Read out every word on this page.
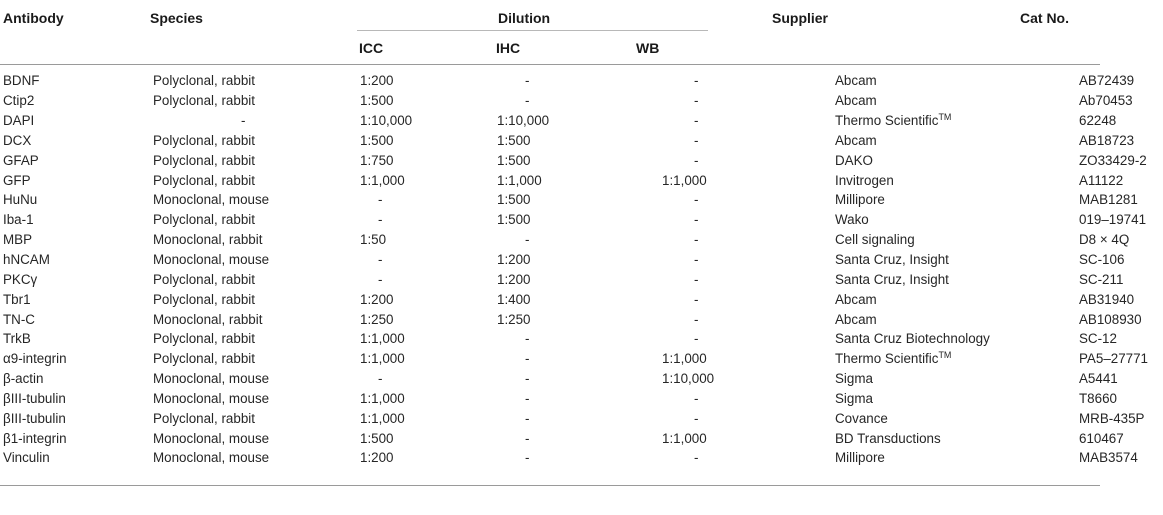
Antibody	Species	Dilution
ICC	IHC	WB
Supplier	Cat No.
BDNF	Polyclonal, rabbit	1:200	-	-	Abcam	AB72439
Ctip2	Polyclonal, rabbit	1:500	-	-	Abcam	Ab70453
DAPI	-	1:10,000	1:10,000	-	Thermo Scientific™	62248
DCX	Polyclonal, rabbit	1:500	1:500	-	Abcam	AB18723
GFAP	Polyclonal, rabbit	1:750	1:500	-	DAKO	ZO33429-2
GFP	Polyclonal, rabbit	1:1,000	1:1,000	1:1,000	Invitrogen	A11122
HuNu	Monoclonal, mouse	-	1:500	-	Millipore	MAB1281
Iba-1	Polyclonal, rabbit	-	1:500	-	Wako	019–19741
MBP	Monoclonal, rabbit	1:50	-	-	Cell signaling	D8 × 4Q
hNCAM	Monoclonal, mouse	-	1:200	-	Santa Cruz, Insight	SC-106
PKCγ	Polyclonal, rabbit	-	1:200	-	Santa Cruz, Insight	SC-211
Tbr1	Polyclonal, rabbit	1:200	1:400	-	Abcam	AB31940
TN-C	Monoclonal, rabbit	1:250	1:250	-	Abcam	AB108930
TrkB	Polyclonal, rabbit	1:1,000	-	-	Santa Cruz Biotechnology	SC-12
α9-integrin	Polyclonal, rabbit	1:1,000	-	1:1,000	Thermo Scientific™	PA5–27771
β-actin	Monoclonal, mouse	-	-	1:10,000	Sigma	A5441
βIII-tubulin	Monoclonal, mouse	1:1,000	-	-	Sigma	T8660
βIII-tubulin	Polyclonal, rabbit	1:1,000	-	-	Covance	MRB-435P
β1-integrin	Monoclonal, mouse	1:500	-	1:1,000	BD Transductions	610467
Vinculin	Monoclonal, mouse	1:200	-	-	Millipore	MAB3574
